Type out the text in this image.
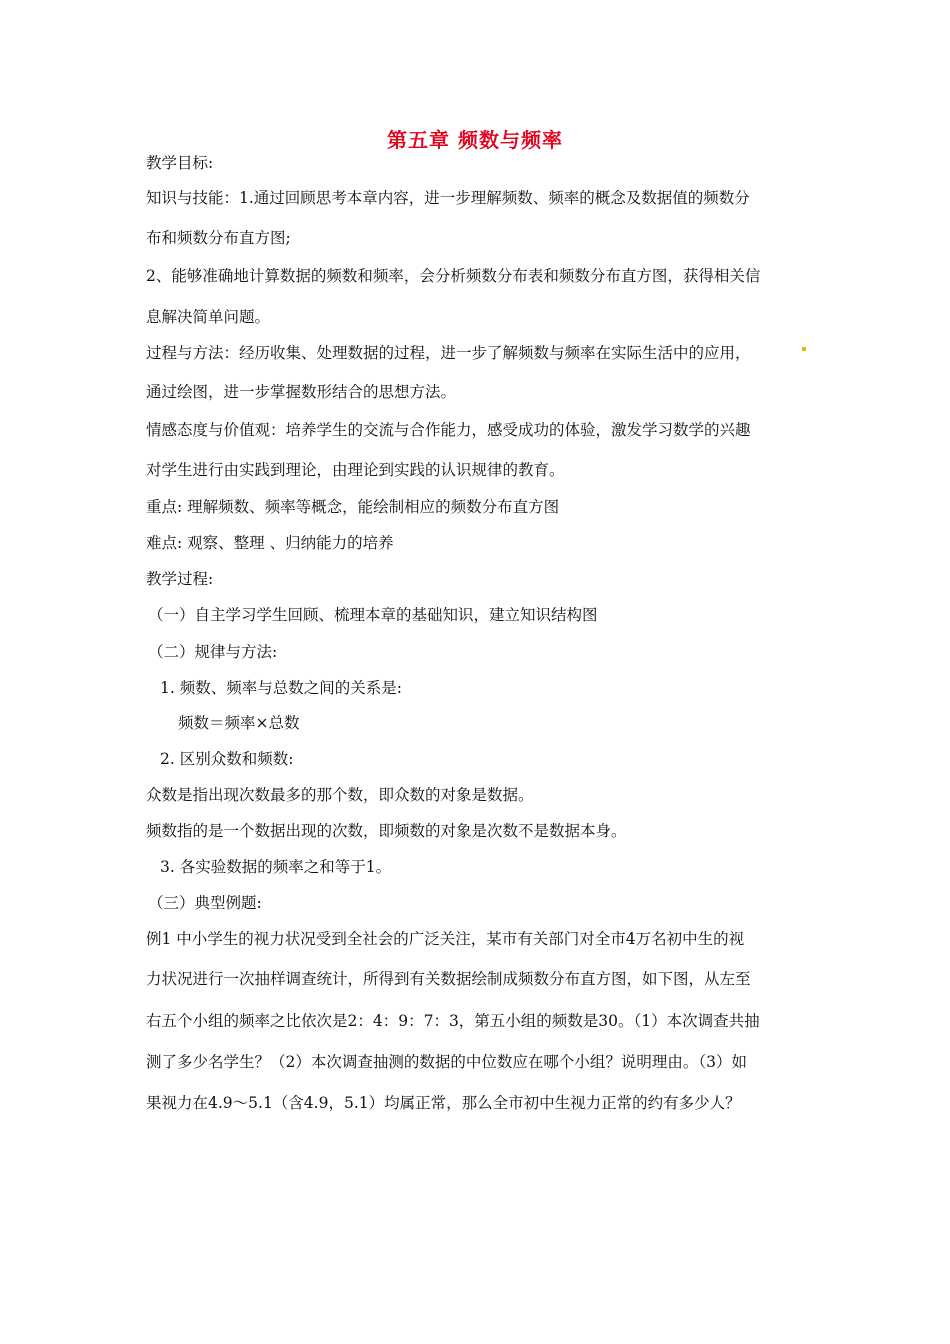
第五章 频数与频率
教学目标:
知识与技能：1.通过回顾思考本章内容，进一步理解频数、频率的概念及数据值的频数分
布和频数分布直方图;
2、能够准确地计算数据的频数和频率，会分析频数分布表和频数分布直方图，获得相关信
息解决简单问题。
过程与方法：经历收集、处理数据的过程，进一步了解频数与频率在实际生活中的应用，
通过绘图，进一步掌握数形结合的思想方法。
情感态度与价值观：培养学生的交流与合作能力，感受成功的体验，激发学习数学的兴趣
对学生进行由实践到理论，由理论到实践的认识规律的教育。
重点: 理解频数、频率等概念，能绘制相应的频数分布直方图
难点: 观察、整理 、归纳能力的培养
教学过程:
（一）自主学习学生回顾、梳理本章的基础知识，建立知识结构图
（二）规律与方法:
1. 频数、频率与总数之间的关系是:
频数＝频率×总数
2. 区别众数和频数:
众数是指出现次数最多的那个数，即众数的对象是数据。
频数指的是一个数据出现的次数，即频数的对象是次数不是数据本身。
3. 各实验数据的频率之和等于1。
（三）典型例题:
例1 中小学生的视力状况受到全社会的广泛关注，某市有关部门对全市4万名初中生的视
力状况进行一次抽样调查统计，所得到有关数据绘制成频数分布直方图，如下图，从左至
右五个小组的频率之比依次是2：4：9：7：3，第五小组的频数是30。（1）本次调查共抽
测了多少名学生？（2）本次调查抽测的数据的中位数应在哪个小组？说明理由。（3）如
果视力在4.9～5.1（含4.9，5.1）均属正常，那么全市初中生视力正常的约有多少人？
